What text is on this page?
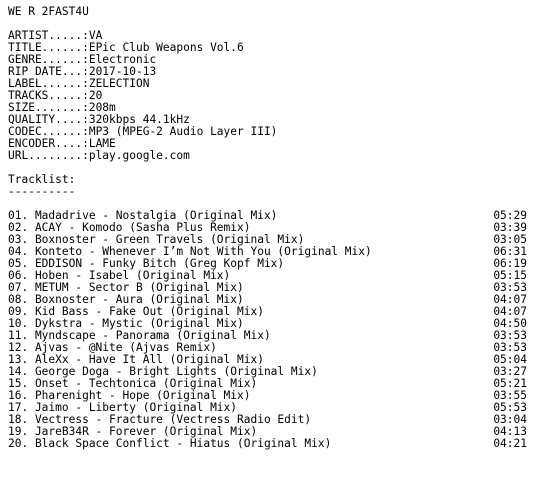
WE R 2FAST4U
ARTIST.....: VA
TITLE......: EPic Club Weapons Vol.6
GENRE......: Electronic
RIP DATE...: 2017-10-13
LABEL......: ZELECTION
TRACKS.....: 20
SIZE.......: 208m
QUALITY....: 320kbps 44.1kHz
CODEC......: MP3 (MPEG-2 Audio Layer III)
ENCODER....: LAME
URL........: play.google.com
Tracklist:
----------
01. Madadrive - Nostalgia (Original Mix)	05:29
02. ACAY - Komodo (Sasha Plus Remix)	03:39
03. Boxnoster - Green Travels (Original Mix)	03:05
04. Konteto - Whenever I’m Not With You (Original Mix)	06:31
05. EDDISON - Funky Bitch (Greg Kopf Mix)	06:19
06. Hoben - Isabel (Original Mix)	05:15
07. METUM - Sector B (Original Mix)	03:53
08. Boxnoster - Aura (Original Mix)	04:07
09. Kid Bass - Fake Out (Original Mix)	04:07
10. Dykstra - Mystic (Original Mix)	04:50
11. Myndscape - Panorama (Original Mix)	03:53
12. Ajvas - @Nite (Ajvas Remix)	03:53
13. AleXx - Have It All (Original Mix)	05:04
14. George Doga - Bright Lights (Original Mix)	03:27
15. Onset - Techtonica (Original Mix)	05:21
16. Pharenight - Hope (Original Mix)	03:55
17. Jaimo - Liberty (Original Mix)	05:53
18. Vectress - Fracture (Vectress Radio Edit)	03:04
19. JareB34R - Forever (Original Mix)	04:13
20. Black Space Conflict - Hiatus (Original Mix)	04:21
